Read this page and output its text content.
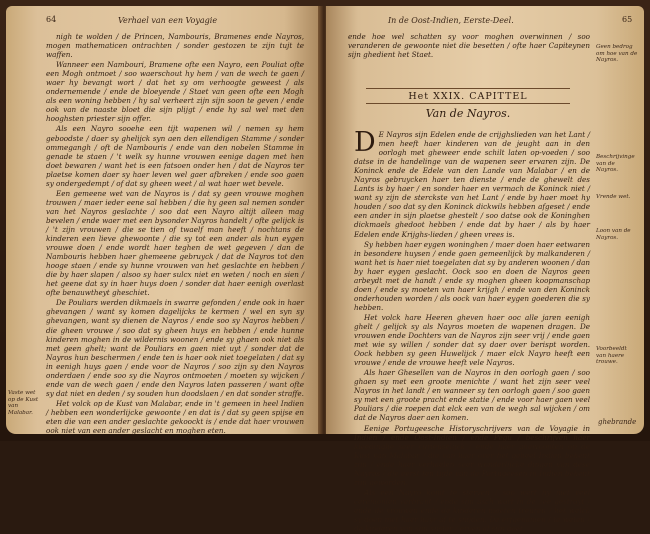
64	Verhael van een Voyagie

nigh te wolden / de Princen, Nambouris, Bramenes ende Nayros, mogen mathematicen ontrachten / sonder gestozen te zijn tujt te waffen.

Wanneer een Nambouri, Bramene ofte een Nayro, een Pouliat ofte een Mogh ontmoet / soo waerschout hy hem / van de wech te gaen / waer hy bevangt wort / dat het sy om verhoogte geweest / als ondernemende / ende de bloeyende / Staet van geen ofte een Mogh als een woning hebben / hy sal verheert zijn sijn soon te geven / ende ook van de naaste bloet die sijn plijgt / ende hy sal wel met den hooghsten priester sijn offer.

Als een Nayro sooehe een tijt wapenen wil / nemen sy hem geboodste / daer sy ghelijck syn aen den ellendigen Stamme / sonder ommegangh / oft de Nambouris / ende van den nobelen Stamme in genade te staen / 't welk sy hunne vrouwen eenige dagen met hen doet bewaren / want het is een fatsoen onder hen / dat de Nayros ter plaetse komen daer sy haer leven wel gaer afbreken / ende soo gaen sy ondergedempt / of dat sy gheen weet / al wat haer wet bevele.

Een gemeene wet van de Nayros is / dat sy geen vrouwe moghen trouwen / maer ieder eene sal hebben / die hy geen sal nemen sonder van het Nayros geslachte / soo dat een Nayro altijt alleen mag bevelen / ende waer met een bysonder Nayros handelt / ofte gelijck is / 't zijn vrouwen / die se tien of twaelf man heeft / nochtans de kinderen een lieve ghewoonte / die sy tot een ander als hun eygen vrouwe doen / ende wordt haer teghen de wet gegeven / dan de Nambouris hebben haer ghemeene gebruyck / dat de Nayros tot den hooge staen / ende sy hunne vrouwen van het geslachte en hebben / die by haer slapen / alsoo sy haer sulcx niet en weten / noch en sien / het geene dat sy in haer huys doen / sonder dat haer eenigh overlast ofte benauwtheyt gheschiet.

De Pouliars werden dikmaels in swarre gefonden / ende ook in haer ghevangen / want sy komen dagelijcks te kermen / wel en syn sy ghevangen, want sy dienen de Nayros / ende soo sy Nayros hebben / die gheen vrouwe / soo dat sy gheen huys en hebben / ende hunne kinderen moghen in de wildernis woonen / ende sy ghaen ook niet als met geen ghelt; want de Pouliars en gaen niet uyt / sonder dat de Nayros hun beschermen / ende ten is haer ook niet toegelaten / dat sy in eenigh huys gaen / ende voor de Nayros / soo zijn sy den Nayros onderdaen / ende soo sy die Nayros ontmoeten / moeten sy wijcken / ende van de wech gaen / ende den Nayros laten passeren / want ofte sy dat niet en deden / sy souden hun doodslaen / en dat sonder straffe.

Het volck op de Kust van Malabar, ende in 't gemeen in heel Indien / hebben een wonderlijcke gewoonte / en dat is / dat sy geen spijse en eten die van een ander geslachte gekoockt is / ende dat haer vrouwen ook niet van een ander geslacht en moghen eten.

Vaste wet op de Kust van Malabar.
In de Oost-Indien, Eerste-Deel.	65

ende hoe wel schatten sy voor moghen overwinnen / soo veranderen de gewoonte niet die besetten / ofte haer Capiteynen sijn ghedient het Staet.

Geen bedrog om hoe van de Nayros.
Het XXIX. CAPITTEL
Van de Nayros.

D E Nayros sijn Edelen ende de crijghslieden van het Lant / men heeft haer kinderen van de jeught aan in den oorlogh met gheweer ende schilt laten op-voeden / soo datse in de handelinge van de wapenen seer ervaren zijn. De Koninck ende de Edele van den Lande van Malabar / en de Nayros gebruycken haer ten dienste / ende de ghewelt des Lants is by haer / en sonder haer en vermach de Koninck niet / want sy zijn de sterckste van het Lant / ende by haer moet hy houden / soo dat sy den Koninck dickwils hebben afgeset / ende een ander in sijn plaetse ghestelt / soo datse ook de Koninghen dickmaels ghedoot hebben / ende dat by haer / als by haer Edelen ende Krijghs-lieden / gheen vrees is.

Sy hebben haer eygen woninghen / maer doen haer eetwaren in besondere huysen / ende gaen gemeenlijck by malkanderen / want het is haer niet toegelaten dat sy by anderen woonen / dan by haer eygen geslacht. Oock soo en doen de Nayros geen arbeydt met de handt / ende sy moghen gheen koopmanschap doen / ende sy moeten van haer krijgh / ende van den Koninck onderhouden worden / als oock van haer eygen goederen die sy hebben.

Het volck hare Heeren gheven haer ooc alle jaren eenigh ghelt / gelijck sy als Nayros moeten de wapenen dragen. De vrouwen ende Dochters van de Nayros zijn seer vrij / ende gaen met wie sy willen / sonder dat sy daer over berispt worden. Oock hebben sy geen Huwelijck / maer elck Nayro heeft een vrouwe / ende de vrouwe heeft vele Nayros.

Als haer Ghesellen van de Nayros in den oorlogh gaen / soo ghaen sy met een groote menichte / want het zijn seer veel Nayros in het landt / en wanneer sy ten oorlogh gaen / soo gaen sy met een groote pracht ende statie / ende voor haer gaen veel Pouliars / die roepen dat elck een van de wegh sal wijcken / om dat de Nayros daer aen komen.

Eenige Portugeesche Historyschrijvers van de Voyagie in Indien / ende Oost-Indien / ende Pegu / beschrijven haer kleedinghe seer curieuselijck / ende haer ghewoonten op de Kust van Malabar / die van haer over het geheel Indien bekent zijn / ende haer verhaelen seer wonderlijcke dingen van dese Nayros / die eerst ten tijde van de Portugeesen in Indien bekent zijn geworden.

Als een Nayro komt te sterven / soo wert hy met veel ceremonien verbrant / ende sijn asch wort in de zee gestroyt / ende de vrouwen ende de kinderen moeten treuren / het welck sy doen met haer hayr af te snijden. De erfgenamen / te weten / de kinderen van sijn suster / erven al sijn goet.

Beschrijvinge van de Nayros.
Vrende wet.
Loon van de Nayros.
Voorbeeldt van haere trouwe.
ghebrande
